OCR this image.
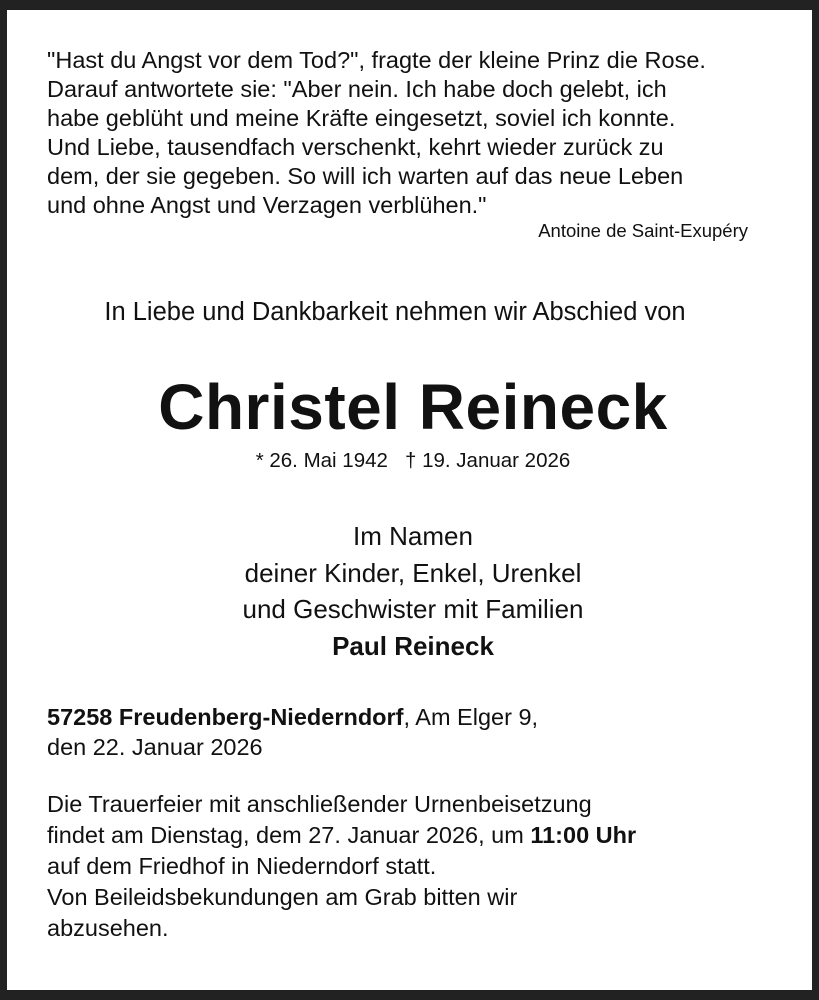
"Hast du Angst vor dem Tod?", fragte der kleine Prinz die Rose.
Darauf antwortete sie: "Aber nein. Ich habe doch gelebt, ich
habe geblüht und meine Kräfte eingesetzt, soviel ich konnte.
Und Liebe, tausendfach verschenkt, kehrt wieder zurück zu
dem, der sie gegeben. So will ich warten auf das neue Leben
und ohne Angst und Verzagen verblühen."
Antoine de Saint-Exupéry
In Liebe und Dankbarkeit nehmen wir Abschied von
Christel Reineck
* 26. Mai 1942 † 19. Januar 2026
Im Namen
deiner Kinder, Enkel, Urenkel
und Geschwister mit Familien
Paul Reineck
57258 Freudenberg-Niederndorf, Am Elger 9,
den 22. Januar 2026
Die Trauerfeier mit anschließender Urnenbeisetzung
findet am Dienstag, dem 27. Januar 2026, um 11:00 Uhr
auf dem Friedhof in Niederndorf statt.
Von Beileidsbekundungen am Grab bitten wir
abzusehen.
